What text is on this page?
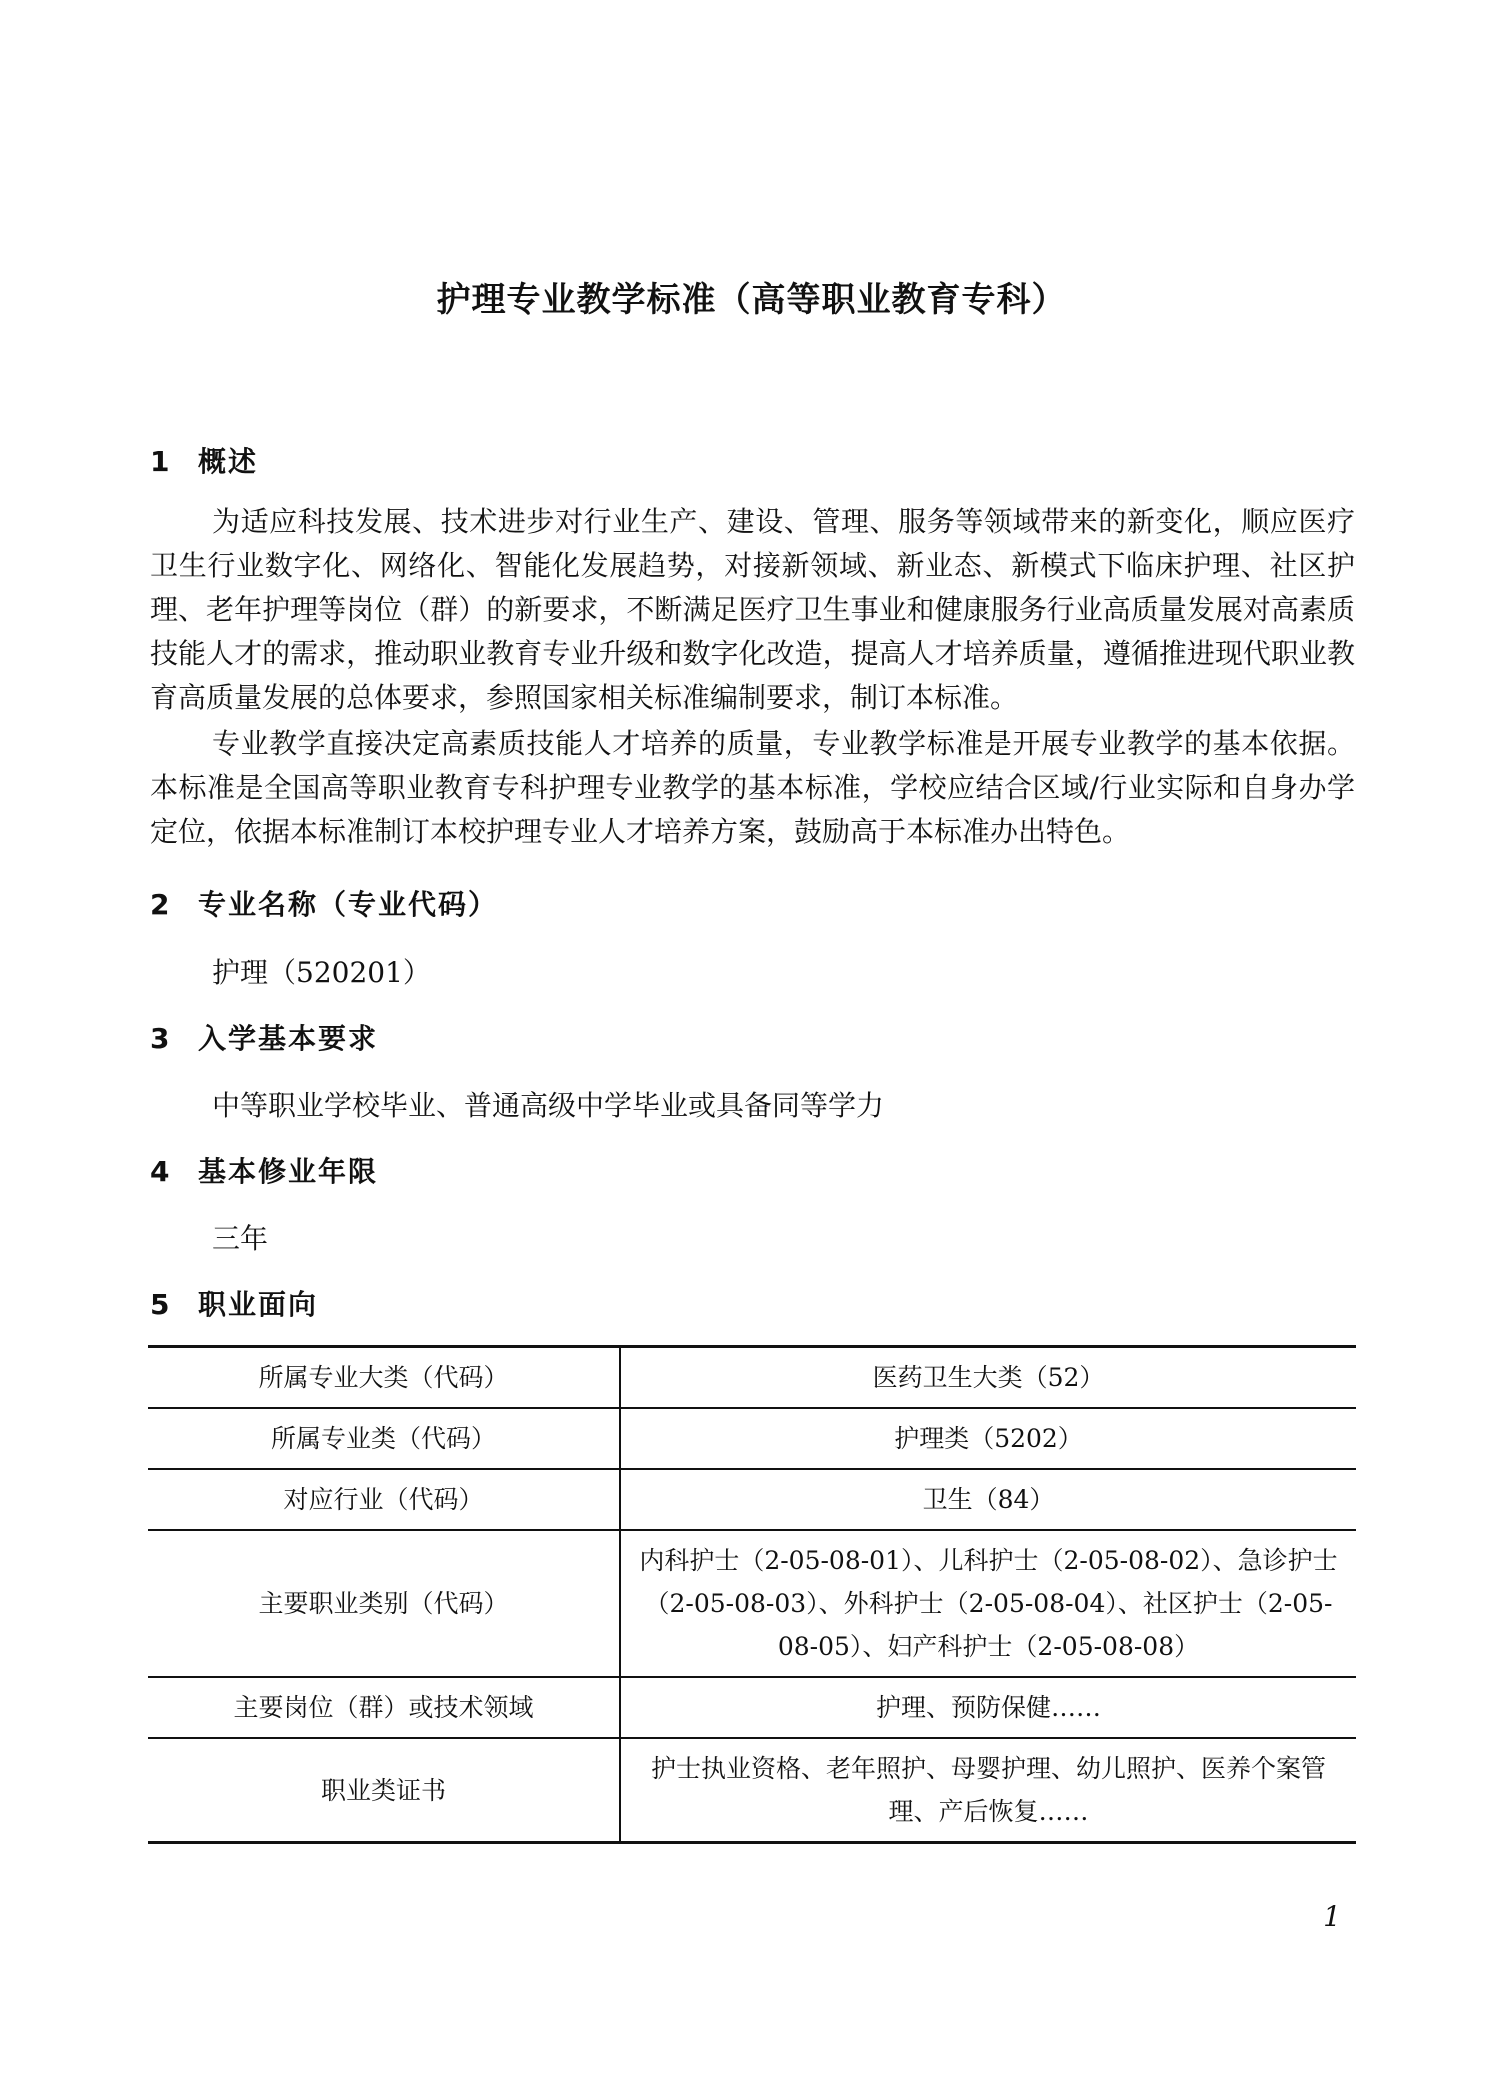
护理专业教学标准（高等职业教育专科）
1 概述

为适应科技发展、技术进步对行业生产、建设、管理、服务等领域带来的新变化，顺应医疗卫生行业数字化、网络化、智能化发展趋势，对接新领域、新业态、新模式下临床护理、社区护理、老年护理等岗位（群）的新要求，不断满足医疗卫生事业和健康服务行业高质量发展对高素质技能人才的需求，推动职业教育专业升级和数字化改造，提高人才培养质量，遵循推进现代职业教育高质量发展的总体要求，参照国家相关标准编制要求，制订本标准。

专业教学直接决定高素质技能人才培养的质量，专业教学标准是开展专业教学的基本依据。本标准是全国高等职业教育专科护理专业教学的基本标准，学校应结合区域/行业实际和自身办学定位，依据本标准制订本校护理专业人才培养方案，鼓励高于本标准办出特色。

2 专业名称（专业代码）

护理（520201）

3 入学基本要求

中等职业学校毕业、普通高级中学毕业或具备同等学力

4 基本修业年限

三年

5 职业面向
所属专业大类（代码）	医药卫生大类（52）
所属专业类（代码）	护理类（5202）
对应行业（代码）	卫生（84）
主要职业类别（代码）	内科护士（2-05-08-01）、儿科护士（2-05-08-02）、急诊护士（2-05-08-03）、外科护士（2-05-08-04）、社区护士（2-05-08-05）、妇产科护士（2-05-08-08）
主要岗位（群）或技术领域	护理、预防保健……
职业类证书	护士执业资格、老年照护、母婴护理、幼儿照护、医养个案管理、产后恢复……
1
